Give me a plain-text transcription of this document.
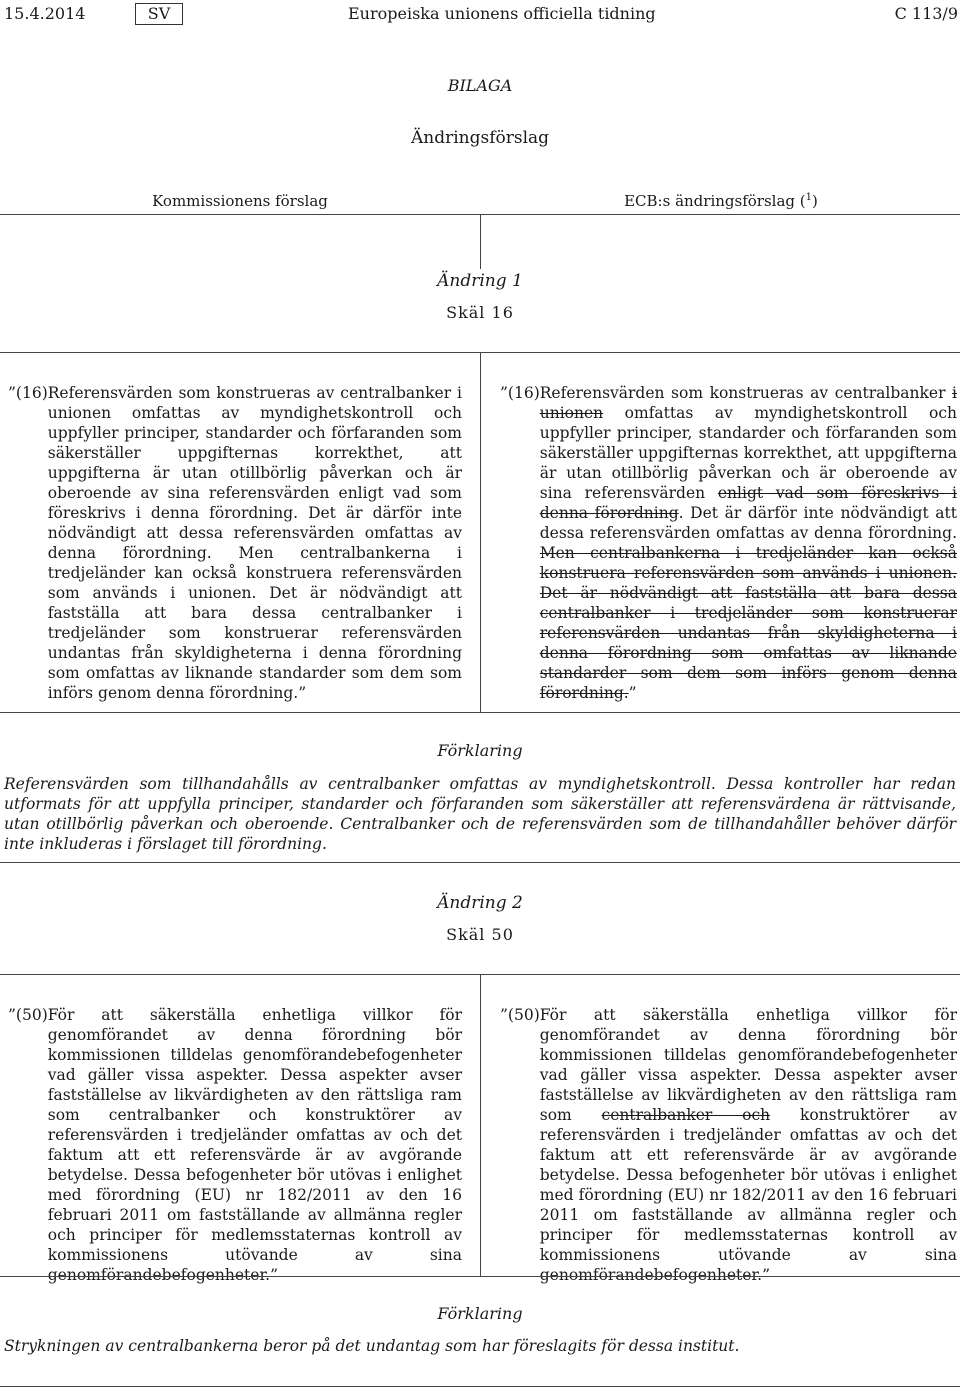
15.4.2014	SV	Europeiska unionens officiella tidning	C 113/9
BILAGA
Ändringsförslag
Kommissionens förslag	ECB:s ändringsförslag ($^1$)
Ändring 1
Skäl 16
”(16) Referensvärden som konstrueras av centralbanker i unionen omfattas av myndighetskontroll och uppfyller principer, standarder och förfaranden som säkerställer uppgifternas korrekthet, att uppgifterna är utan otillbörlig påverkan och är oberoende av sina referensvärden enligt vad som föreskrivs i denna förordning. Det är därför inte nödvändigt att dessa referensvärden omfattas av denna förordning. Men centralbankerna i tredjeländer kan också konstruera referensvärden som används i unionen. Det är nödvändigt att fastställa att bara dessa centralbanker i tredjeländer som konstruerar referensvärden undantas från skyldigheterna i denna förordning som omfattas av liknande standarder som dem som införs genom denna förordning.”
”(16) Referensvärden som konstrueras av centralbanker i unionen omfattas av myndighetskontroll och uppfyller principer, standarder och förfaranden som säkerställer uppgifternas korrekthet, att uppgifterna är utan otillbörlig påverkan och är oberoende av sina referensvärden enligt vad som föreskrivs i denna förordning. Det är därför inte nödvändigt att dessa referensvärden omfattas av denna förordning. Men centralbankerna i tredjeländer kan också konstruera referensvärden som används i unionen. Det är nödvändigt att fastställa att bara dessa centralbanker i tredjeländer som konstruerar referensvärden undantas från skyldigheterna i denna förordning som omfattas av liknande standarder som dem som införs genom denna förordning.”
Förklaring
Referensvärden som tillhandahålls av centralbanker omfattas av myndighetskontroll. Dessa kontroller har redan utformats för att uppfylla principer, standarder och förfaranden som säkerställer att referensvärdena är rättvisande, utan otillbörlig påverkan och oberoende. Centralbanker och de referensvärden som de tillhandahåller behöver därför inte inkluderas i förslaget till förordning.
Ändring 2
Skäl 50
”(50) För att säkerställa enhetliga villkor för genomförandet av denna förordning bör kommissionen tilldelas genomförandebefogenheter vad gäller vissa aspekter. Dessa aspekter avser fastställelse av likvärdigheten av den rättsliga ram som centralbanker och konstruktörer av referensvärden i tredjeländer omfattas av och det faktum att ett referensvärde är av avgörande betydelse. Dessa befogenheter bör utövas i enlighet med förordning (EU) nr 182/2011 av den 16 februari 2011 om fastställande av allmänna regler och principer för medlemsstaternas kontroll av kommissionens utövande av sina genomförandebefogenheter.”
”(50) För att säkerställa enhetliga villkor för genomförandet av denna förordning bör kommissionen tilldelas genomförandebefogenheter vad gäller vissa aspekter. Dessa aspekter avser fastställelse av likvärdigheten av den rättsliga ram som centralbanker och konstruktörer av referensvärden i tredjeländer omfattas av och det faktum att ett referensvärde är av avgörande betydelse. Dessa befogenheter bör utövas i enlighet med förordning (EU) nr 182/2011 av den 16 februari 2011 om fastställande av allmänna regler och principer för medlemsstaternas kontroll av kommissionens utövande av sina genomförandebefogenheter.”
Förklaring
Strykningen av centralbankerna beror på det undantag som har föreslagits för dessa institut.
